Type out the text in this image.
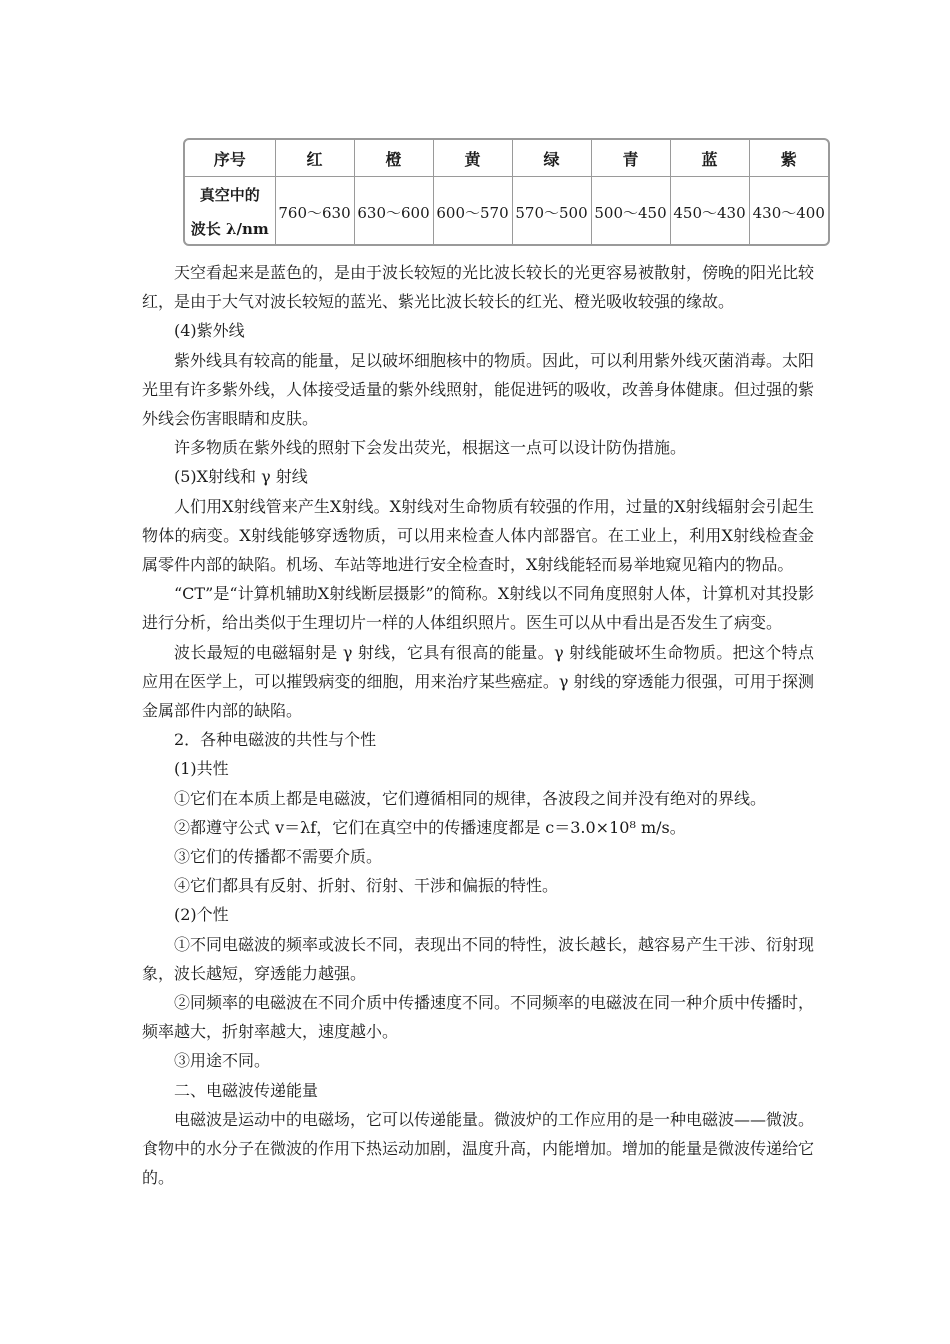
序号	红	橙	黄	绿	青	蓝	紫

真空中的
波长 λ/nm	760～630	630～600	600～570	570～500	500～450	450～430	430～400

天空看起来是蓝色的，是由于波长较短的光比波长较长的光更容易被散射，傍晚的阳光比较红，是由于大气对波长较短的蓝光、紫光比波长较长的红光、橙光吸收较强的缘故。

(4)紫外线

紫外线具有较高的能量，足以破坏细胞核中的物质。因此，可以利用紫外线灭菌消毒。太阳光里有许多紫外线，人体接受适量的紫外线照射，能促进钙的吸收，改善身体健康。但过强的紫外线会伤害眼睛和皮肤。

许多物质在紫外线的照射下会发出荧光，根据这一点可以设计防伪措施。

(5)X射线和 γ 射线

人们用X射线管来产生X射线。X射线对生命物质有较强的作用，过量的X射线辐射会引起生物体的病变。X射线能够穿透物质，可以用来检查人体内部器官。在工业上，利用X射线检查金属零件内部的缺陷。机场、车站等地进行安全检查时，X射线能轻而易举地窥见箱内的物品。

“CT”是“计算机辅助X射线断层摄影”的简称。X射线以不同角度照射人体，计算机对其投影进行分析，给出类似于生理切片一样的人体组织照片。医生可以从中看出是否发生了病变。

波长最短的电磁辐射是 γ 射线，它具有很高的能量。γ 射线能破坏生命物质。把这个特点应用在医学上，可以摧毁病变的细胞，用来治疗某些癌症。γ 射线的穿透能力很强，可用于探测金属部件内部的缺陷。

2．各种电磁波的共性与个性

(1)共性

①它们在本质上都是电磁波，它们遵循相同的规律，各波段之间并没有绝对的界线。

②都遵守公式 v＝λf，它们在真空中的传播速度都是 c＝3.0×10⁸ m/s。

③它们的传播都不需要介质。

④它们都具有反射、折射、衍射、干涉和偏振的特性。

(2)个性

①不同电磁波的频率或波长不同，表现出不同的特性，波长越长，越容易产生干涉、衍射现象，波长越短，穿透能力越强。

②同频率的电磁波在不同介质中传播速度不同。不同频率的电磁波在同一种介质中传播时，频率越大，折射率越大，速度越小。

③用途不同。

二、电磁波传递能量

电磁波是运动中的电磁场，它可以传递能量。微波炉的工作应用的是一种电磁波——微波。食物中的水分子在微波的作用下热运动加剧，温度升高，内能增加。增加的能量是微波传递给它的。
